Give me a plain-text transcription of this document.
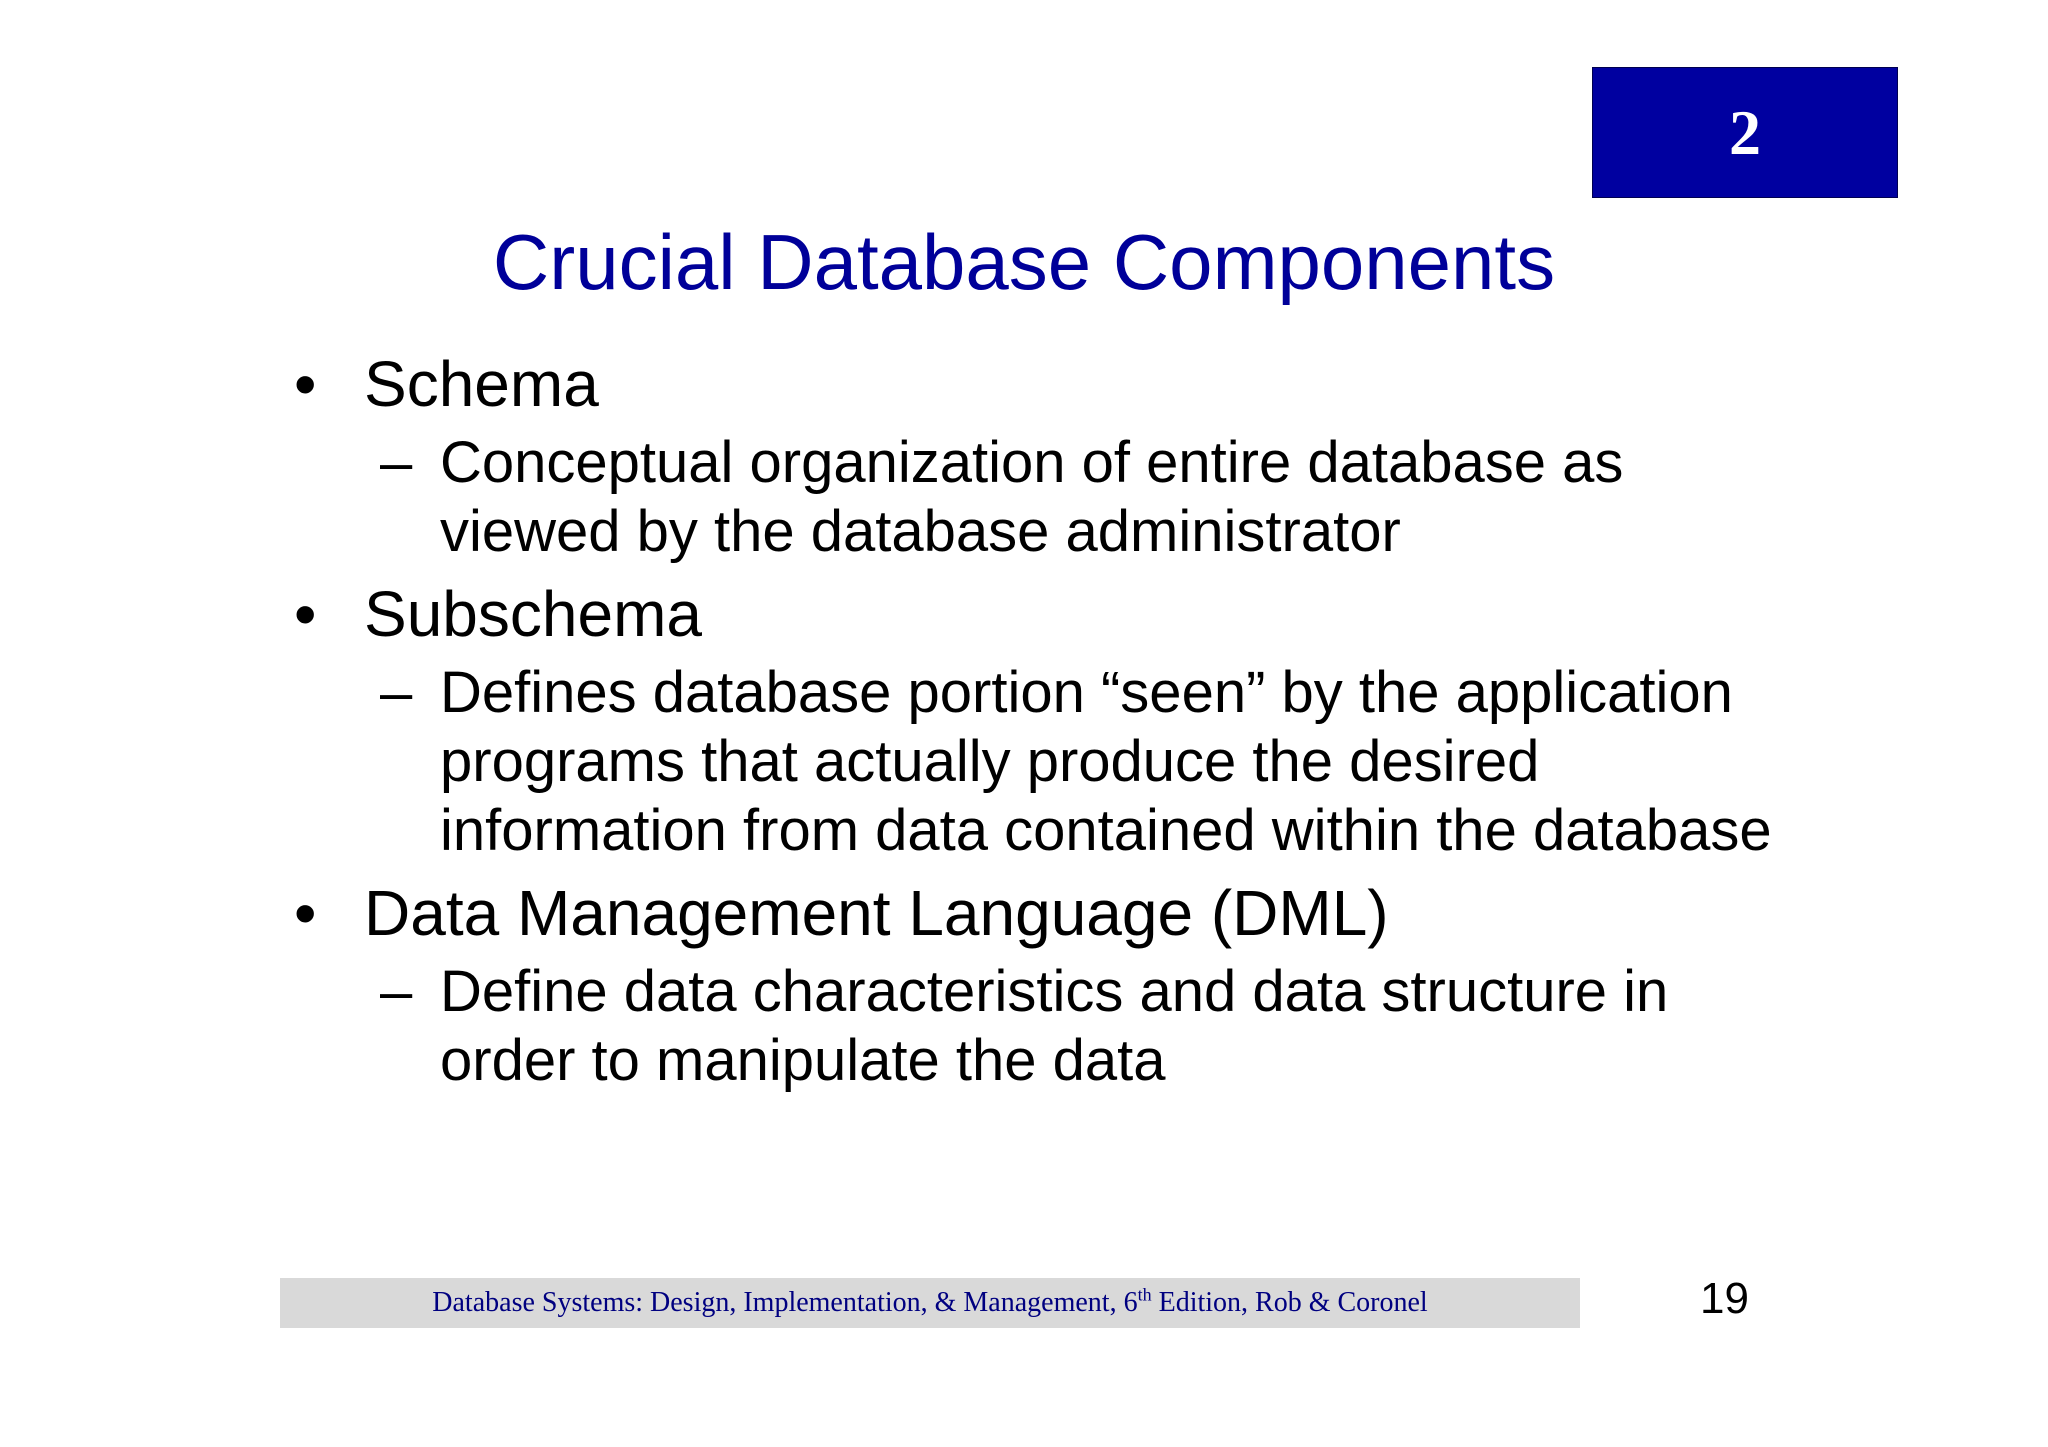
2
Crucial Database Components
• Schema
– Conceptual organization of entire database as viewed by the database administrator
• Subschema
– Defines database portion “seen” by the application programs that actually produce the desired information from data contained within the database
• Data Management Language (DML)
– Define data characteristics and data structure in order to manipulate the data
Database Systems: Design, Implementation, & Management, 6th Edition, Rob & Coronel	19
